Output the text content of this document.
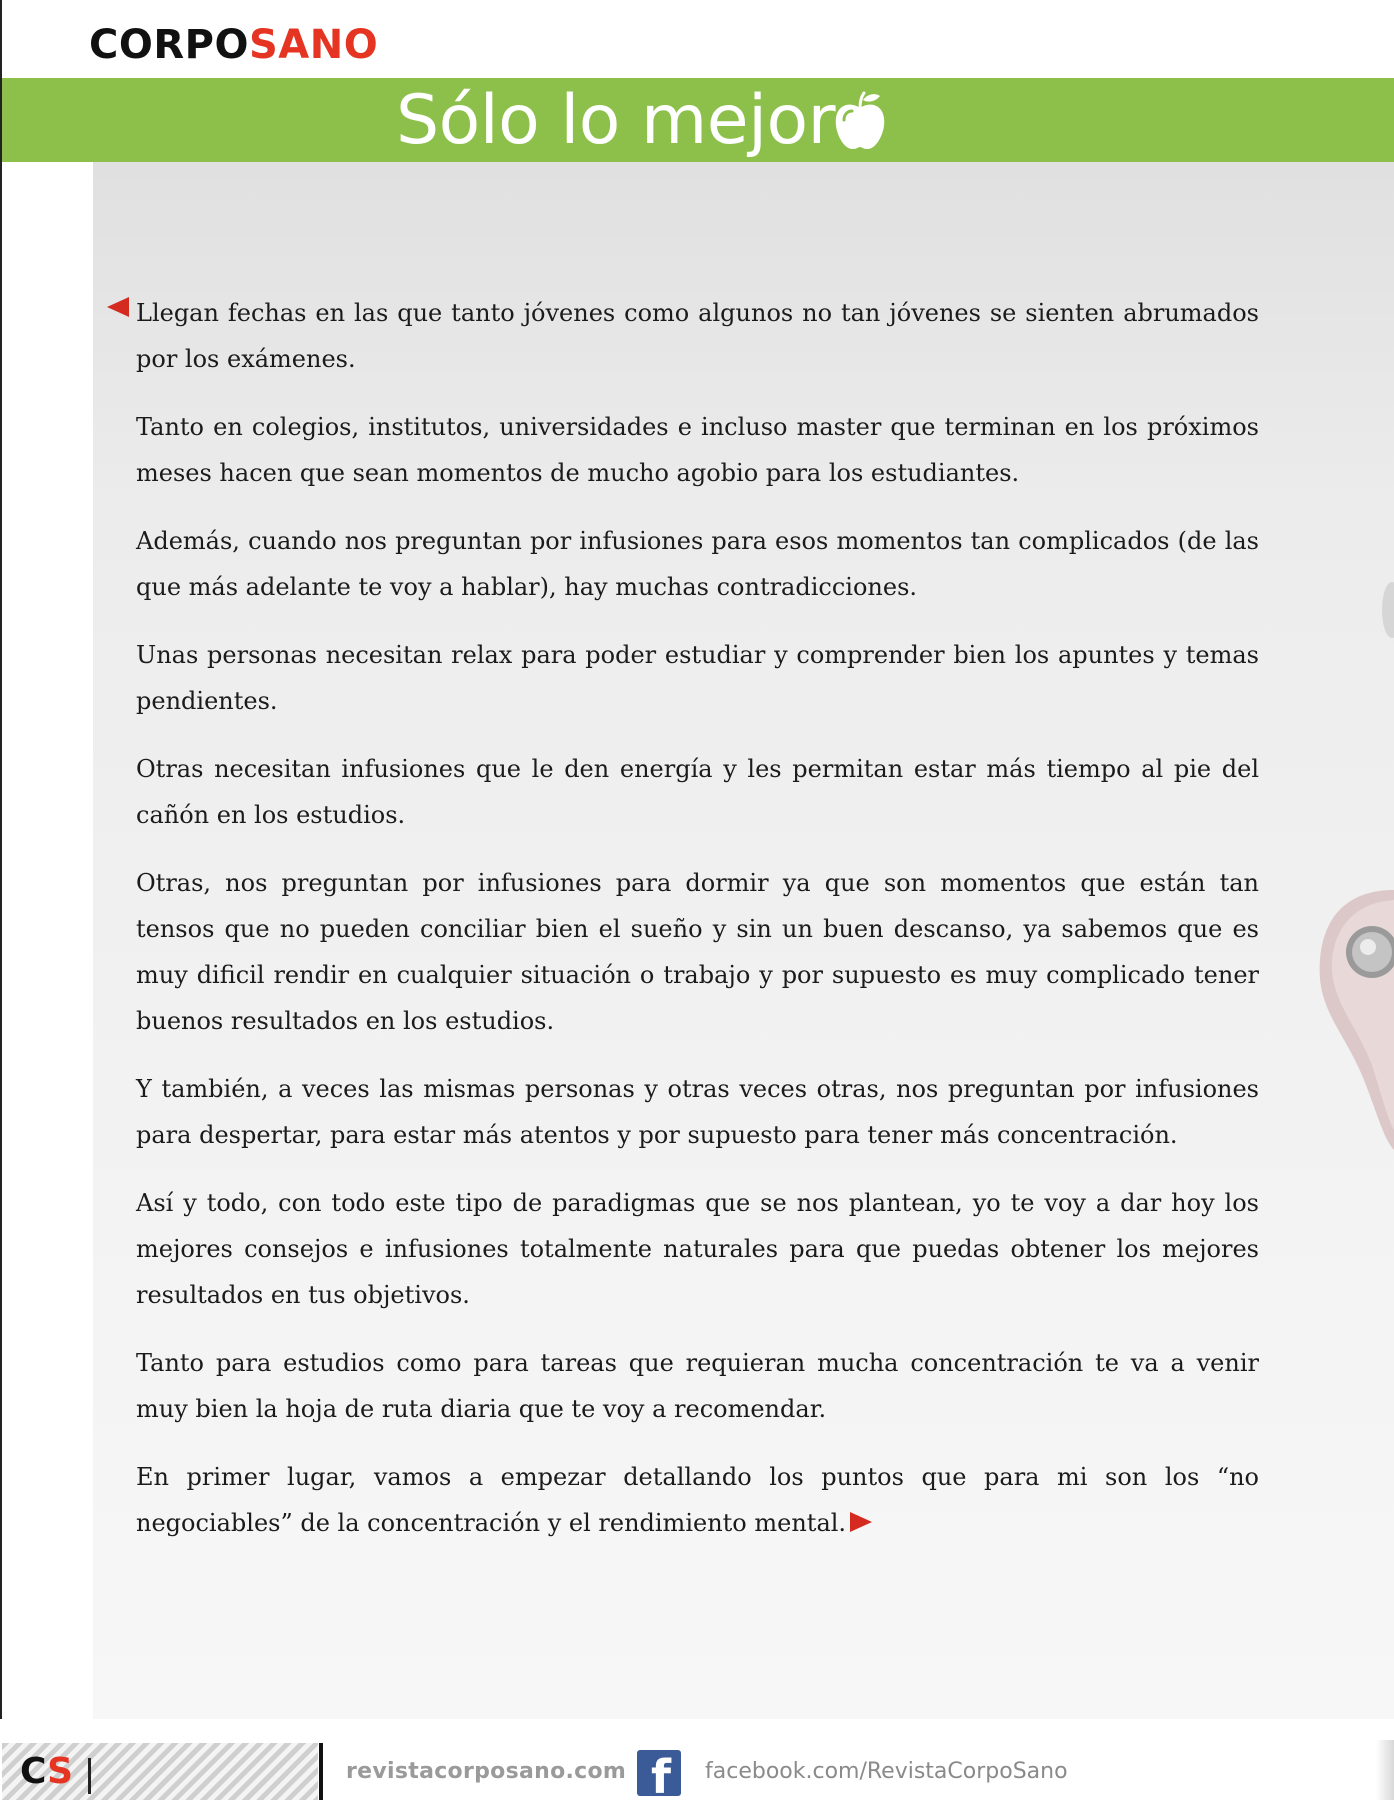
CORPOSANO
Sólo lo mejor

Llegan fechas en las que tanto jóvenes como algunos no tan jóvenes se sienten abrumados por los exámenes.

Tanto en colegios, institutos, universidades e incluso master que terminan en los próximos meses hacen que sean momentos de mucho agobio para los estudiantes.

Además, cuando nos preguntan por infusiones para esos momentos tan complicados (de las que más adelante te voy a hablar), hay muchas contradicciones.

Unas personas necesitan relax para poder estudiar y comprender bien los apuntes y temas pendientes.

Otras necesitan infusiones que le den energía y les permitan estar más tiempo al pie del cañón en los estudios.

Otras, nos preguntan por infusiones para dormir ya que son momentos que están tan tensos que no pueden conciliar bien el sueño y sin un buen descanso, ya sabemos que es muy dificil rendir en cualquier situación o trabajo y por supuesto es muy complicado tener buenos resultados en los estudios.

Y también, a veces las mismas personas y otras veces otras, nos preguntan por infusiones para despertar, para estar más atentos y por supuesto para tener más concentración.

Así y todo, con todo este tipo de paradigmas que se nos plantean, yo te voy a dar hoy los mejores consejos e infusiones totalmente naturales para que puedas obtener los mejores resultados en tus objetivos.

Tanto para estudios como para tareas que requieran mucha concentración te va a venir muy bien la hoja de ruta diaria que te voy a recomendar.

En primer lugar, vamos a empezar detallando los puntos que para mi son los “no negociables” de la concentración y el rendimiento mental.

CS	revistacorposano.com f facebook.com/RevistaCorpoSano
